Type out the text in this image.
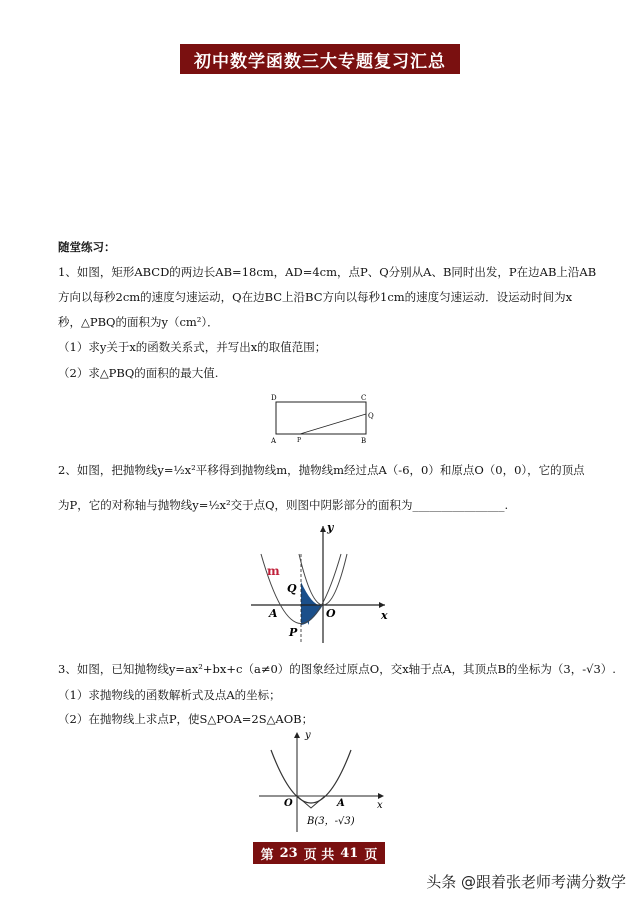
初中数学函数三大专题复习汇总
随堂练习：
1、如图，矩形ABCD的两边长AB=18cm，AD=4cm，点P、Q分别从A、B同时出发，P在边AB上沿AB
方向以每秒2cm的速度匀速运动，Q在边BC上沿BC方向以每秒1cm的速度匀速运动．设运动时间为x
秒，△PBQ的面积为y（cm²）．
（1）求y关于x的函数关系式，并写出x的取值范围；
（2）求△PBQ的面积的最大值.
D	C
A	B
P
Q
2、如图，把抛物线y=½x²平移得到抛物线m，抛物线m经过点A（-6，0）和原点O（0，0），它的顶点
为P，它的对称轴与抛物线y=½x²交于点Q，则图中阴影部分的面积为________________.
m
y
x
Q
O
A
P
3、如图，已知抛物线y=ax²+bx+c（a≠0）的图象经过原点O，交x轴于点A，其顶点B的坐标为（3，-√3）.
（1）求抛物线的函数解析式及点A的坐标；
（2）在抛物线上求点P，使S△POA=2S△AOB；
y
x
O	A
B(3，-√3)
第 23 页 共 41 页
头条 @跟着张老师考满分数学
